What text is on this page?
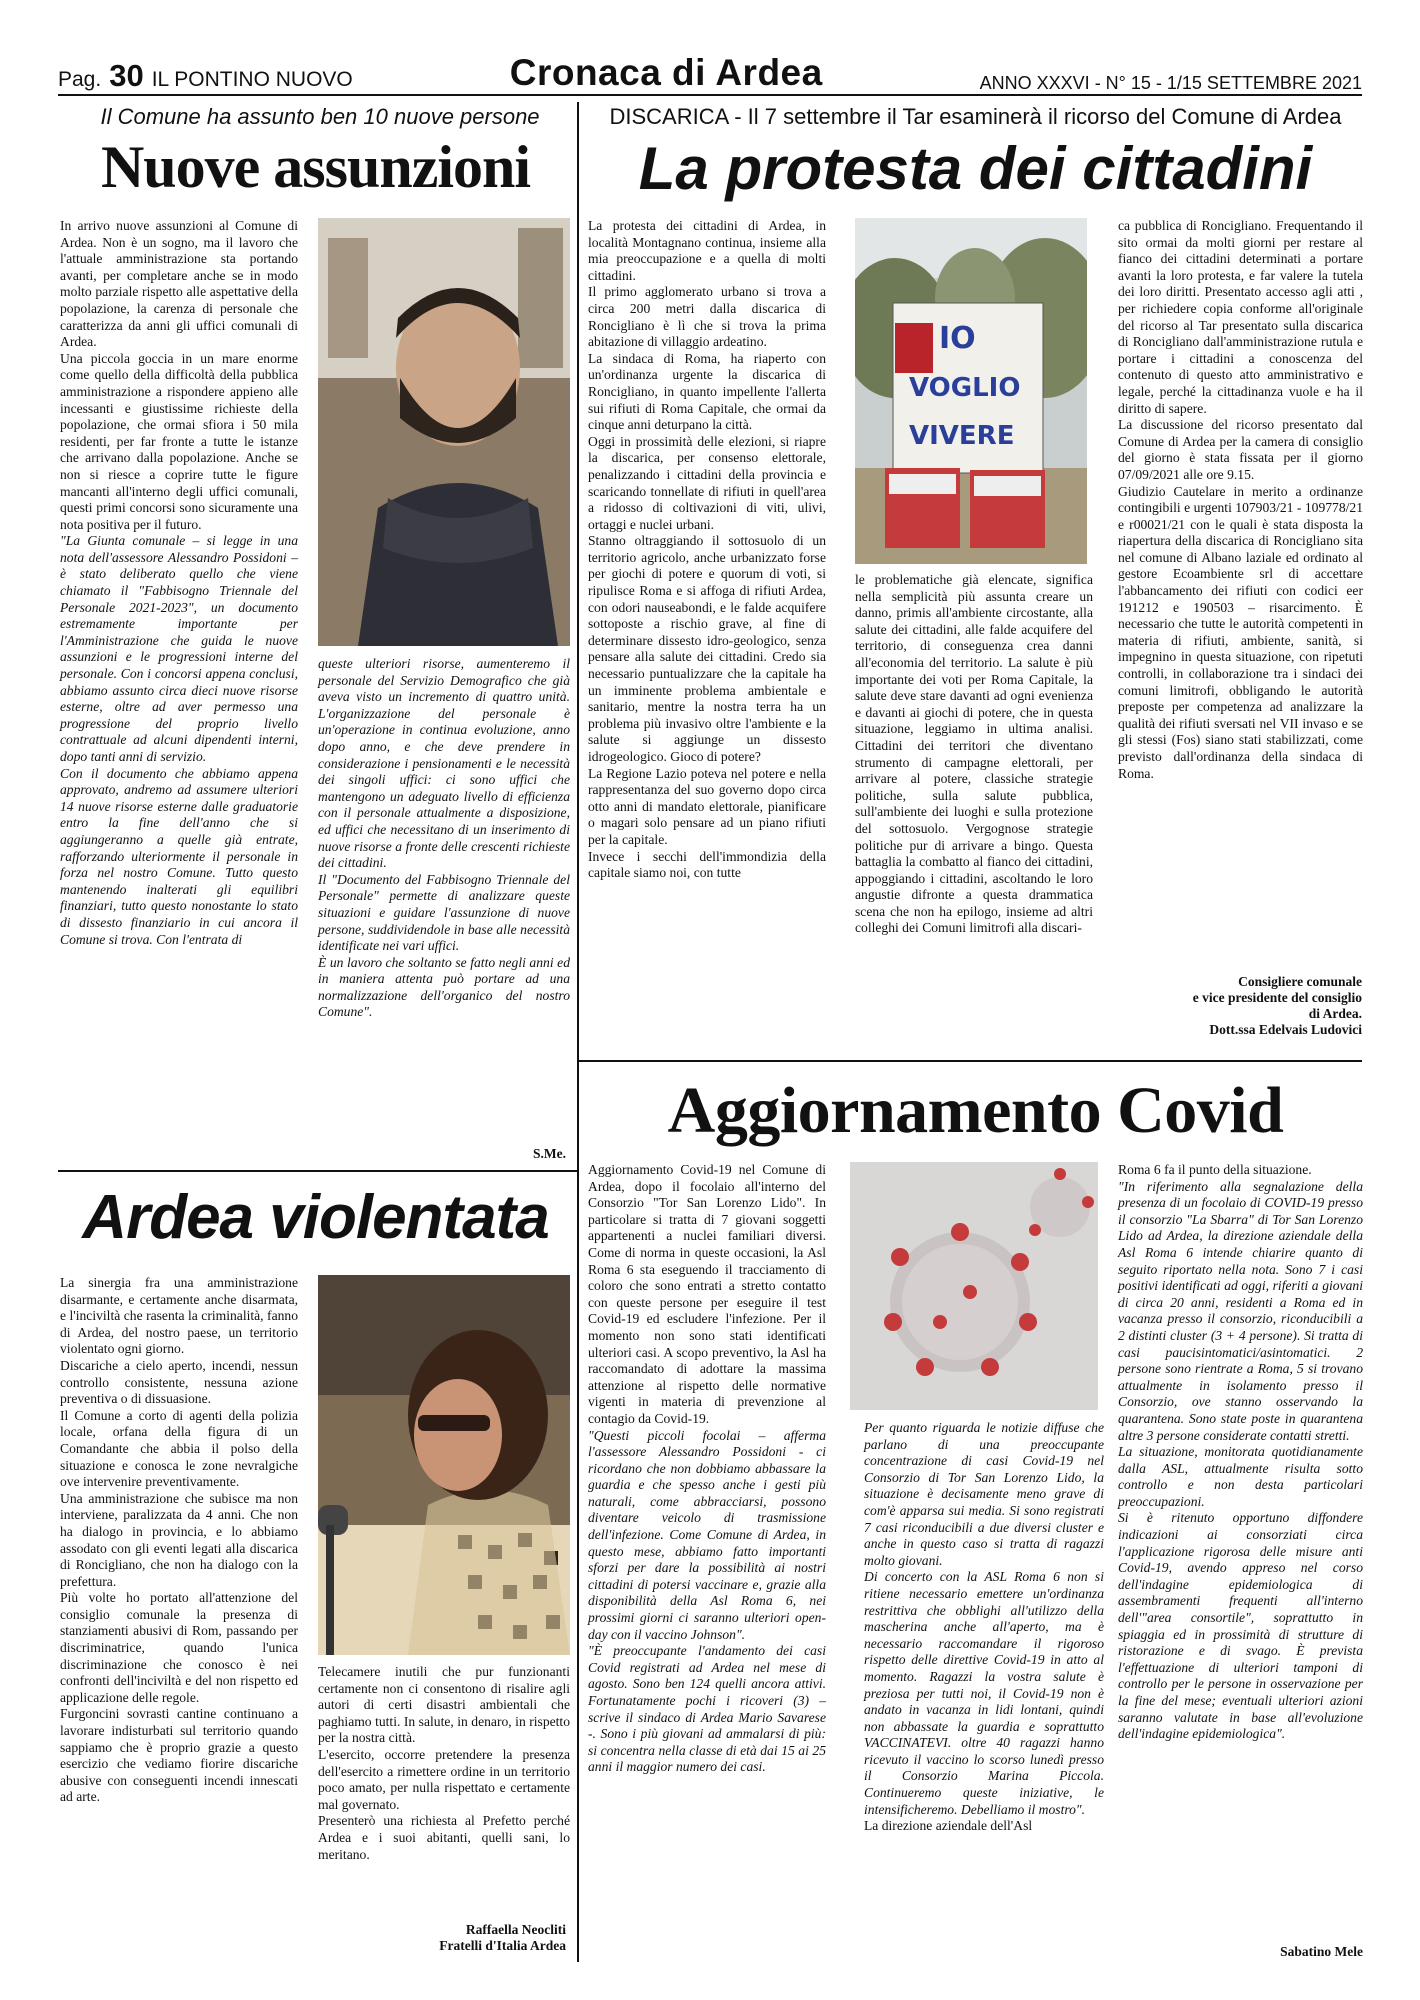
Pag. 30 IL PONTINO NUOVO	Cronaca di Ardea	ANNO XXXVI - N° 15 - 1/15 SETTEMBRE 2021
Il Comune ha assunto ben 10 nuove persone
Nuove assunzioni

In arrivo nuove assunzioni al Comune di Ardea. Non è un sogno, ma il lavoro che l'attuale amministrazione sta portando avanti, per completare anche se in modo molto parziale rispetto alle aspettative della popolazione, la carenza di personale che caratterizza da anni gli uffici comunali di Ardea.

Una piccola goccia in un mare enorme come quello della difficoltà della pubblica amministrazione a rispondere appieno alle incessanti e giustissime richieste della popolazione, che ormai sfiora i 50 mila residenti, per far fronte a tutte le istanze che arrivano dalla popolazione. Anche se non si riesce a coprire tutte le figure mancanti all'interno degli uffici comunali, questi primi concorsi sono sicuramente una nota positiva per il futuro.

"La Giunta comunale – si legge in una nota dell'assessore Alessandro Possidoni – è stato deliberato quello che viene chiamato il "Fabbisogno Triennale del Personale 2021-2023", un documento estremamente importante per l'Amministrazione che guida le nuove assunzioni e le progressioni interne del personale. Con i concorsi appena conclusi, abbiamo assunto circa dieci nuove risorse esterne, oltre ad aver permesso una progressione del proprio livello contrattuale ad alcuni dipendenti interni, dopo tanti anni di servizio.

Con il documento che abbiamo appena approvato, andremo ad assumere ulteriori 14 nuove risorse esterne dalle graduatorie entro la fine dell'anno che si aggiungeranno a quelle già entrate, rafforzando ulteriormente il personale in forza nel nostro Comune. Tutto questo mantenendo inalterati gli equilibri finanziari, tutto questo nonostante lo stato di dissesto finanziario in cui ancora il Comune si trova. Con l'entrata di

queste ulteriori risorse, aumenteremo il personale del Servizio Demografico che già aveva visto un incremento di quattro unità. L'organizzazione del personale è un'operazione in continua evoluzione, anno dopo anno, e che deve prendere in considerazione i pensionamenti e le necessità dei singoli uffici: ci sono uffici che mantengono un adeguato livello di efficienza con il personale attualmente a disposizione, ed uffici che necessitano di un inserimento di nuove risorse a fronte delle crescenti richieste dei cittadini.

Il "Documento del Fabbisogno Triennale del Personale" permette di analizzare queste situazioni e guidare l'assunzione di nuove persone, suddividendole in base alle necessità identificate nei vari uffici.

È un lavoro che soltanto se fatto negli anni ed in maniera attenta può portare ad una normalizzazione dell'organico del nostro Comune".

S.Me.
DISCARICA - Il 7 settembre il Tar esaminerà il ricorso del Comune di Ardea
La protesta dei cittadini

La protesta dei cittadini di Ardea, in località Montagnano continua, insieme alla mia preoccupazione e a quella di molti cittadini.

Il primo agglomerato urbano si trova a circa 200 metri dalla discarica di Roncigliano è lì che si trova la prima abitazione di villaggio ardeatino.

La sindaca di Roma, ha riaperto con un'ordinanza urgente la discarica di Roncigliano, in quanto impellente l'allerta sui rifiuti di Roma Capitale, che ormai da cinque anni deturpano la città.

Oggi in prossimità delle elezioni, si riapre la discarica, per consenso elettorale, penalizzando i cittadini della provincia e scaricando tonnellate di rifiuti in quell'area a ridosso di coltivazioni di viti, ulivi, ortaggi e nuclei urbani.

Stanno oltraggiando il sottosuolo di un territorio agricolo, anche urbanizzato forse per giochi di potere e quorum di voti, si ripulisce Roma e si affoga di rifiuti Ardea, con odori nauseabondi, e le falde acquifere sottoposte a rischio grave, al fine di determinare dissesto idro-geologico, senza pensare alla salute dei cittadini. Credo sia necessario puntualizzare che la capitale ha un imminente problema ambientale e sanitario, mentre la nostra terra ha un problema più invasivo oltre l'ambiente e la salute si aggiunge un dissesto idrogeologico. Gioco di potere?

La Regione Lazio poteva nel potere e nella rappresentanza del suo governo dopo circa otto anni di mandato elettorale, pianificare o magari solo pensare ad un piano rifiuti per la capitale.

Invece i secchi dell'immondizia della capitale siamo noi, con tutte

IO
VOGLIO
VIVERE

le problematiche già elencate, significa nella semplicità più assunta creare un danno, primis all'ambiente circostante, alla salute dei cittadini, alle falde acquifere del territorio, di conseguenza crea danni all'economia del territorio. La salute è più importante dei voti per Roma Capitale, la salute deve stare davanti ad ogni evenienza e davanti ai giochi di potere, che in questa situazione, leggiamo in ultima analisi. Cittadini dei territori che diventano strumento di campagne elettorali, per arrivare al potere, classiche strategie politiche, sulla salute pubblica, sull'ambiente dei luoghi e sulla protezione del sottosuolo. Vergognose strategie politiche pur di arrivare a bingo. Questa battaglia la combatto al fianco dei cittadini, appoggiando i cittadini, ascoltando le loro angustie difronte a questa drammatica scena che non ha epilogo, insieme ad altri colleghi dei Comuni limitrofi alla discari-

ca pubblica di Roncigliano. Frequentando il sito ormai da molti giorni per restare al fianco dei cittadini determinati a portare avanti la loro protesta, e far valere la tutela dei loro diritti. Presentato accesso agli atti , per richiedere copia conforme all'originale del ricorso al Tar presentato sulla discarica di Roncigliano dall'amministrazione rutula e portare i cittadini a conoscenza del contenuto di questo atto amministrativo e legale, perché la cittadinanza vuole e ha il diritto di sapere.

La discussione del ricorso presentato dal Comune di Ardea per la camera di consiglio del giorno è stata fissata per il giorno 07/09/2021 alle ore 9.15.

Giudizio Cautelare in merito a ordinanze contingibili e urgenti 107903/21 - 109778/21 e r00021/21 con le quali è stata disposta la riapertura della discarica di Roncigliano sita nel comune di Albano laziale ed ordinato al gestore Ecoambiente srl di accettare l'abbancamento dei rifiuti con codici eer 191212 e 190503 – risarcimento. È necessario che tutte le autorità competenti in materia di rifiuti, ambiente, sanità, si impegnino in questa situazione, con ripetuti controlli, in collaborazione tra i sindaci dei comuni limitrofi, obbligando le autorità preposte per competenza ad analizzare la qualità dei rifiuti sversati nel VII invaso e se gli stessi (Fos) siano stati stabilizzati, come previsto dall'ordinanza della sindaca di Roma.

Consigliere comunale
e vice presidente del consiglio
di Ardea.
Dott.ssa Edelvais Ludovici
Ardea violentata

La sinergia fra una amministrazione disarmante, e certamente anche disarmata, e l'inciviltà che rasenta la criminalità, fanno di Ardea, del nostro paese, un territorio violentato ogni giorno.

Discariche a cielo aperto, incendi, nessun controllo consistente, nessuna azione preventiva o di dissuasione.

Il Comune a corto di agenti della polizia locale, orfana della figura di un Comandante che abbia il polso della situazione e conosca le zone nevralgiche ove intervenire preventivamente.

Una amministrazione che subisce ma non interviene, paralizzata da 4 anni. Che non ha dialogo in provincia, e lo abbiamo assodato con gli eventi legati alla discarica di Roncigliano, che non ha dialogo con la prefettura.

Più volte ho portato all'attenzione del consiglio comunale la presenza di stanziamenti abusivi di Rom, passando per discriminatrice, quando l'unica discriminazione che conosco è nei confronti dell'inciviltà e del non rispetto ed applicazione delle regole.

Furgoncini sovrasti cantine continuano a lavorare indisturbati sul territorio quando sappiamo che è proprio grazie a questo esercizio che vediamo fiorire discariche abusive con conseguenti incendi innescati ad arte.

Telecamere inutili che pur funzionanti certamente non ci consentono di risalire agli autori di certi disastri ambientali che paghiamo tutti. In salute, in denaro, in rispetto per la nostra città.

L'esercito, occorre pretendere la presenza dell'esercito a rimettere ordine in un territorio poco amato, per nulla rispettato e certamente mal governato.

Presenterò una richiesta al Prefetto perché Ardea e i suoi abitanti, quelli sani, lo meritano.

Raffaella Neocliti
Fratelli d'Italia Ardea
Aggiornamento Covid

Aggiornamento Covid-19 nel Comune di Ardea, dopo il focolaio all'interno del Consorzio "Tor San Lorenzo Lido". In particolare si tratta di 7 giovani soggetti appartenenti a nuclei familiari diversi. Come di norma in queste occasioni, la Asl Roma 6 sta eseguendo il tracciamento di coloro che sono entrati a stretto contatto con queste persone per eseguire il test Covid-19 ed escludere l'infezione. Per il momento non sono stati identificati ulteriori casi. A scopo preventivo, la Asl ha raccomandato di adottare la massima attenzione al rispetto delle normative vigenti in materia di prevenzione al contagio da Covid-19.

"Questi piccoli focolai – afferma l'assessore Alessandro Possidoni - ci ricordano che non dobbiamo abbassare la guardia e che spesso anche i gesti più naturali, come abbracciarsi, possono diventare veicolo di trasmissione dell'infezione. Come Comune di Ardea, in questo mese, abbiamo fatto importanti sforzi per dare la possibilità ai nostri cittadini di potersi vaccinare e, grazie alla disponibilità della Asl Roma 6, nei prossimi giorni ci saranno ulteriori open-day con il vaccino Johnson".

"È preoccupante l'andamento dei casi Covid registrati ad Ardea nel mese di agosto. Sono ben 124 quelli ancora attivi. Fortunatamente pochi i ricoveri (3) – scrive il sindaco di Ardea Mario Savarese -. Sono i più giovani ad ammalarsi di più: si concentra nella classe di età dai 15 ai 25 anni il maggior numero dei casi.

Per quanto riguarda le notizie diffuse che parlano di una preoccupante concentrazione di casi Covid-19 nel Consorzio di Tor San Lorenzo Lido, la situazione è decisamente meno grave di com'è apparsa sui media. Si sono registrati 7 casi riconducibili a due diversi cluster e anche in questo caso si tratta di ragazzi molto giovani.

Di concerto con la ASL Roma 6 non si ritiene necessario emettere un'ordinanza restrittiva che obblighi all'utilizzo della mascherina anche all'aperto, ma è necessario raccomandare il rigoroso rispetto delle direttive Covid-19 in atto al momento. Ragazzi la vostra salute è preziosa per tutti noi, il Covid-19 non è andato in vacanza in lidi lontani, quindi non abbassate la guardia e soprattutto VACCINATEVI. oltre 40 ragazzi hanno ricevuto il vaccino lo scorso lunedì presso il Consorzio Marina Piccola. Continueremo queste iniziative, le intensificheremo. Debelliamo il mostro".

La direzione aziendale dell'Asl

Roma 6 fa il punto della situazione.

"In riferimento alla segnalazione della presenza di un focolaio di COVID-19 presso il consorzio "La Sbarra" di Tor San Lorenzo Lido ad Ardea, la direzione aziendale della Asl Roma 6 intende chiarire quanto di seguito riportato nella nota. Sono 7 i casi positivi identificati ad oggi, riferiti a giovani di circa 20 anni, residenti a Roma ed in vacanza presso il consorzio, riconducibili a 2 distinti cluster (3 + 4 persone). Si tratta di casi paucisintomatici/asintomatici. 2 persone sono rientrate a Roma, 5 si trovano attualmente in isolamento presso il Consorzio, ove stanno osservando la quarantena. Sono state poste in quarantena altre 3 persone considerate contatti stretti.

La situazione, monitorata quotidianamente dalla ASL, attualmente risulta sotto controllo e non desta particolari preoccupazioni.

Si è ritenuto opportuno diffondere indicazioni ai consorziati circa l'applicazione rigorosa delle misure anti Covid-19, avendo appreso nel corso dell'indagine epidemiologica di assembramenti frequenti all'interno dell'"area consortile", soprattutto in spiaggia ed in prossimità di strutture di ristorazione e di svago. È prevista l'effettuazione di ulteriori tamponi di controllo per le persone in osservazione per la fine del mese; eventuali ulteriori azioni saranno valutate in base all'evoluzione dell'indagine epidemiologica".

Sabatino Mele
